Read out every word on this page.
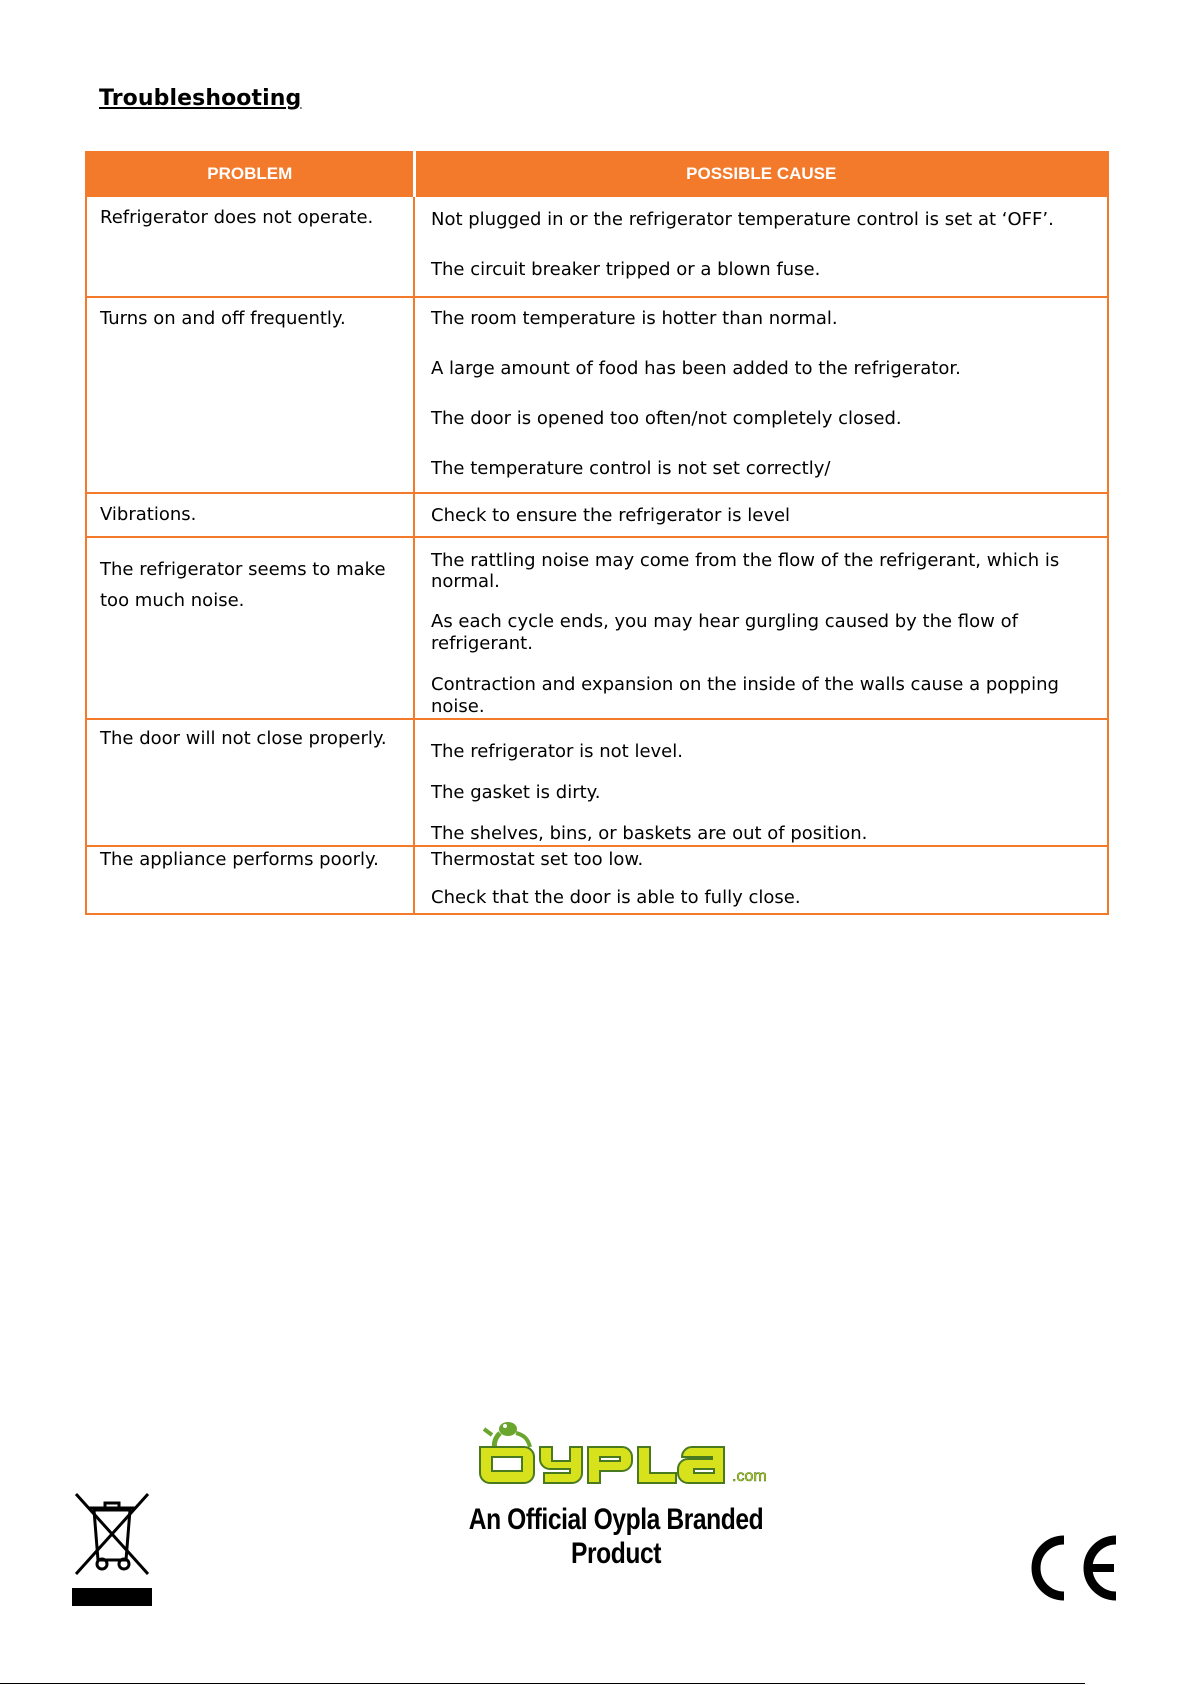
Troubleshooting
PROBLEM	POSSIBLE CAUSE
Refrigerator does not operate.	Not plugged in or the refrigerator temperature control is set at ‘OFF’.

The circuit breaker tripped or a blown fuse.

Turns on and off frequently.	The room temperature is hotter than normal.

A large amount of food has been added to the refrigerator.

The door is opened too often/not completely closed.

The temperature control is not set correctly/

Vibrations.	Check to ensure the refrigerator is level

The refrigerator seems to make too much noise.	The rattling noise may come from the flow of the refrigerant, which is normal.

As each cycle ends, you may hear gurgling caused by the flow of refrigerant.

Contraction and expansion on the inside of the walls cause a popping noise.

The door will not close properly.	The refrigerator is not level.

The gasket is dirty.

The shelves, bins, or baskets are out of position.

The appliance performs poorly.	Thermostat set too low.

Check that the door is able to fully close.

.com
An Official Oypla Branded Product
